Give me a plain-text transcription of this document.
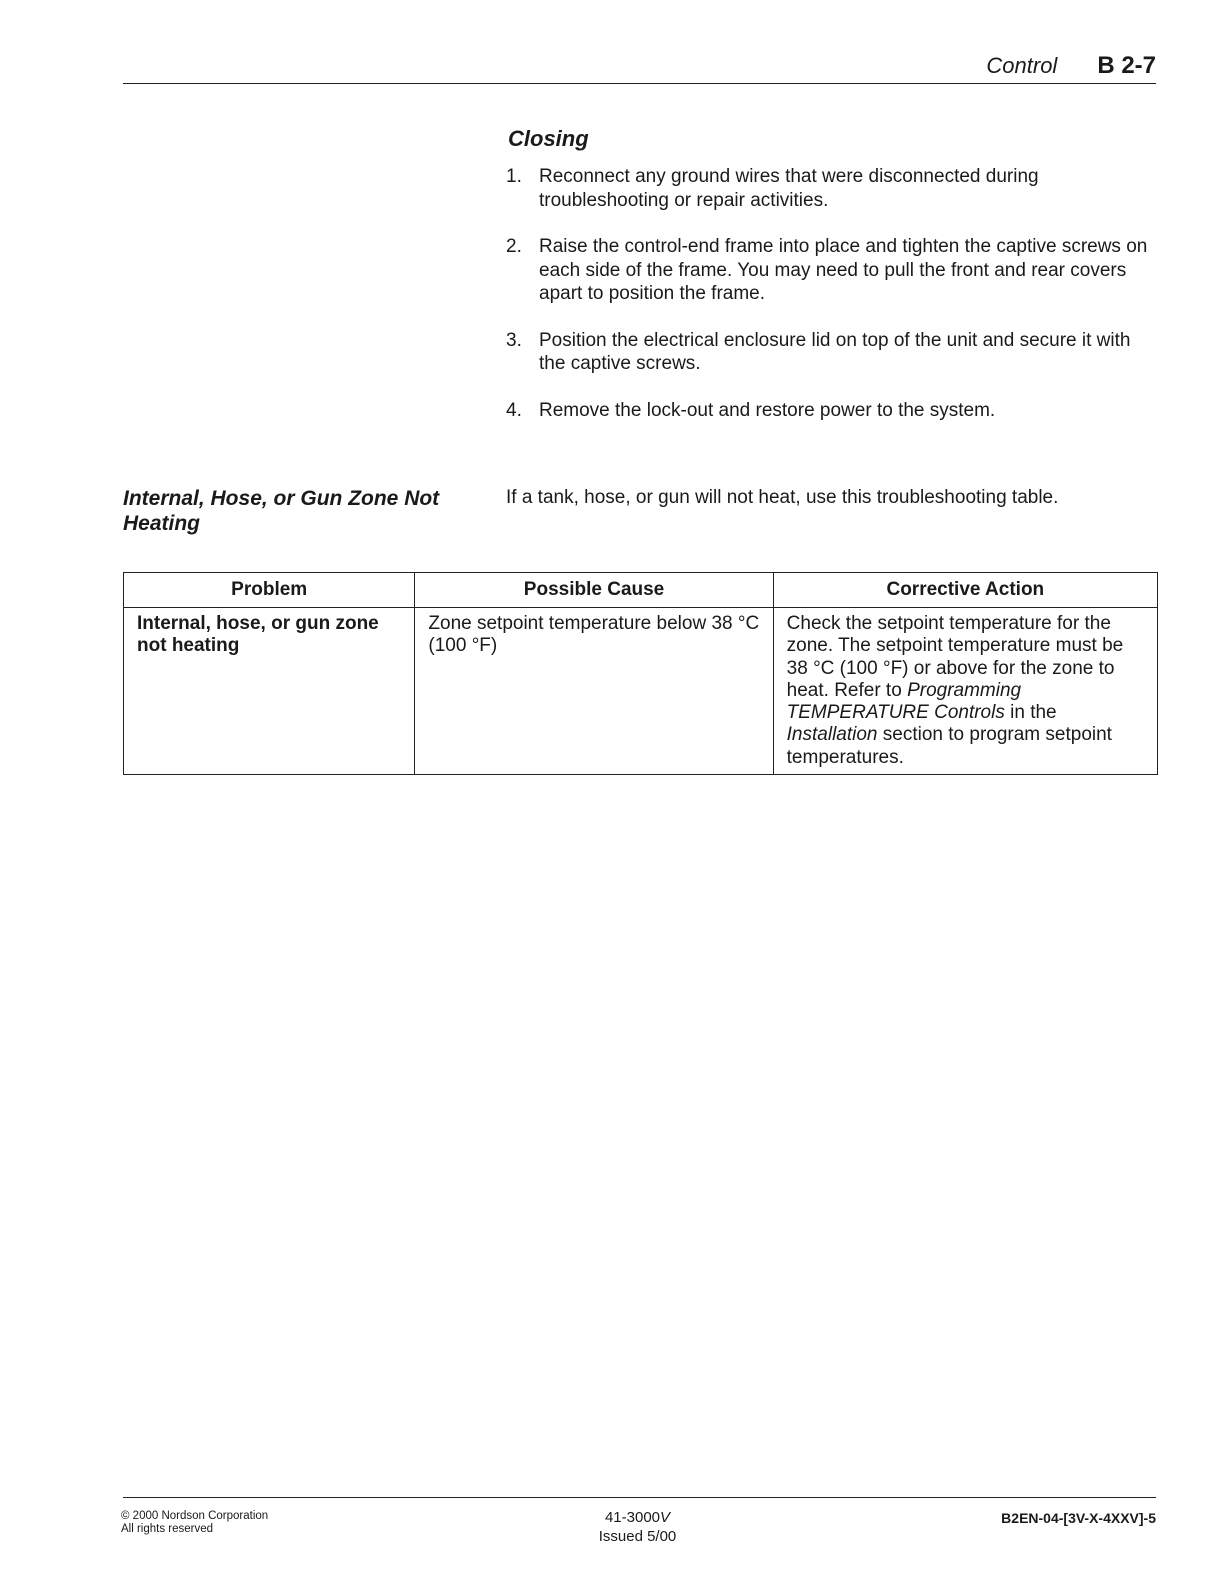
Control B 2-7
Closing
1. Reconnect any ground wires that were disconnected during troubleshooting or repair activities.
2. Raise the control-end frame into place and tighten the captive screws on each side of the frame. You may need to pull the front and rear covers apart to position the frame.
3. Position the electrical enclosure lid on top of the unit and secure it with the captive screws.
4. Remove the lock-out and restore power to the system.
Internal, Hose, or Gun Zone Not Heating
If a tank, hose, or gun will not heat, use this troubleshooting table.
Problem	Possible Cause	Corrective Action
Internal, hose, or gun zone not heating	Zone setpoint temperature below 38 °C (100 °F)	Check the setpoint temperature for the zone. The setpoint temperature must be 38 °C (100 °F) or above for the zone to heat. Refer to Programming TEMPERATURE Controls in the Installation section to program setpoint temperatures.
© 2000 Nordson Corporation
All rights reserved
41-3000V
Issued 5/00
B2EN-04-[3V-X-4XXV]-5
